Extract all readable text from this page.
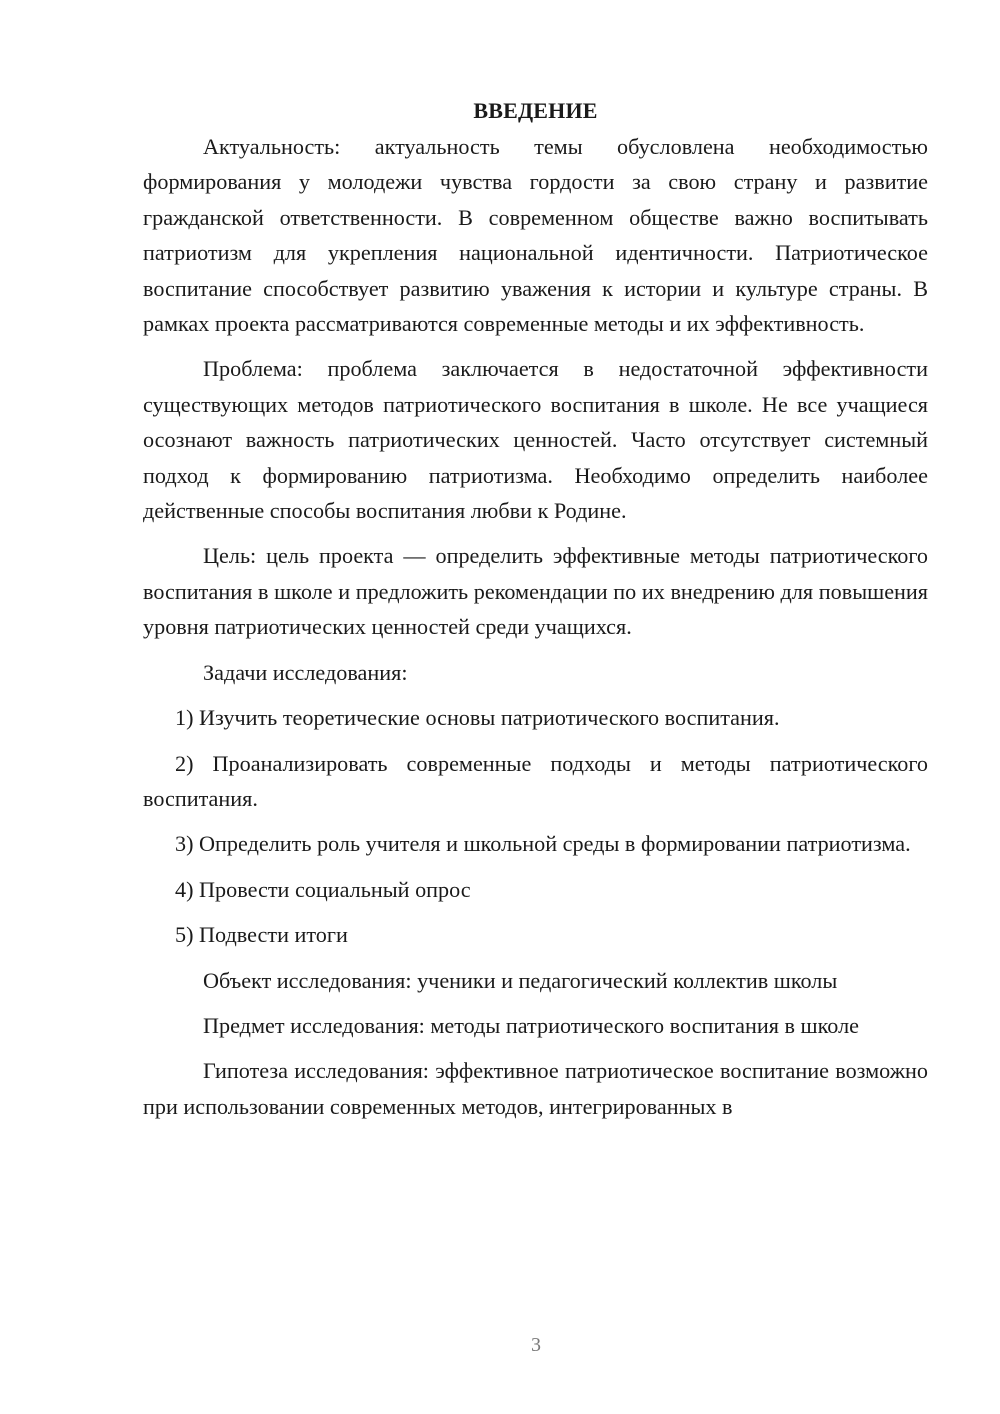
ВВЕДЕНИЕ

Актуальность: актуальность темы обусловлена необходимостью формирования у молодежи чувства гордости за свою страну и развитие гражданской ответственности. В современном обществе важно воспитывать патриотизм для укрепления национальной идентичности. Патриотическое воспитание способствует развитию уважения к истории и культуре страны. В рамках проекта рассматриваются современные методы и их эффективность.

Проблема: проблема заключается в недостаточной эффективности существующих методов патриотического воспитания в школе. Не все учащиеся осознают важность патриотических ценностей. Часто отсутствует системный подход к формированию патриотизма. Необходимо определить наиболее действенные способы воспитания любви к Родине.

Цель: цель проекта — определить эффективные методы патриотического воспитания в школе и предложить рекомендации по их внедрению для повышения уровня патриотических ценностей среди учащихся.

Задачи исследования:

1) Изучить теоретические основы патриотического воспитания.

2) Проанализировать современные подходы и методы патриотического воспитания.

3) Определить роль учителя и школьной среды в формировании патриотизма.

4) Провести социальный опрос

5) Подвести итоги

Объект исследования: ученики и педагогический коллектив школы

Предмет исследования: методы патриотического воспитания в школе

Гипотеза исследования: эффективное патриотическое воспитание возможно при использовании современных методов, интегрированных в

3
